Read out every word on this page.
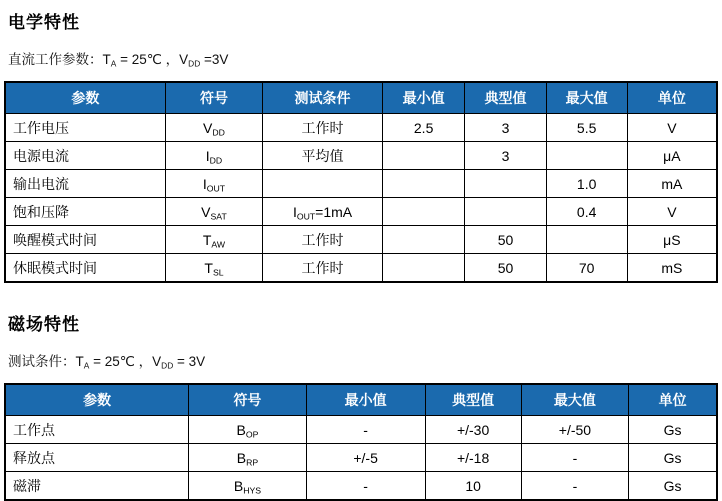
电学特性

直流工作参数：$T_A$ = 25℃ ，$V_{DD} =3V$

参数	符号	测试条件	最小值	典型值	最大值	单位
工作电压	$V_{DD}$	工作时	2.5	3	5.5	V
电源电流	$I_{DD}$	平均值		3		μA
输出电流	$I_{OUT}$				1.0	mA
饱和压降	$V_{SAT}$	$I_{OUT}=1mA$			0.4	V
唤醒模式时间	$T_{AW}$	工作时		50		μS
休眠模式时间	$T_{SL}$	工作时		50	70	mS
磁场特性

测试条件：$T_A$ = 25℃ ，$V_{DD} = 3V$

参数	符号	最小值	典型值	最大值	单位
工作点	$B_{OP}$	-	+/-30	+/-50	Gs
释放点	$B_{RP}$	+/-5	+/-18	-	Gs
磁滞	$B_{HYS}$	-	10	-	Gs
